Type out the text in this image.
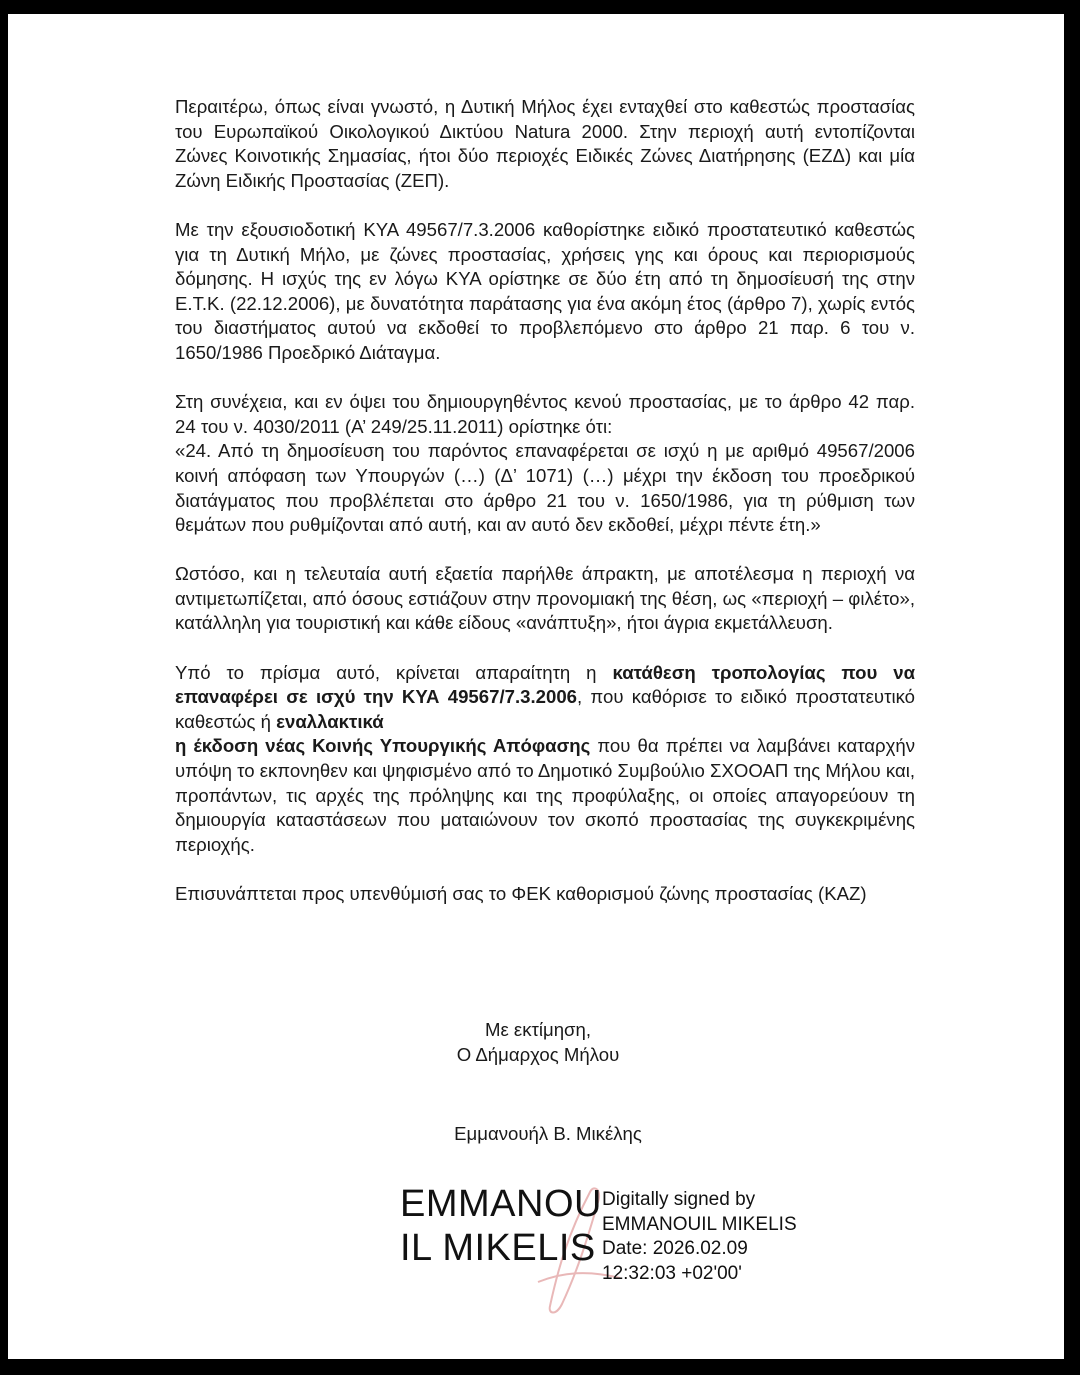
Περαιτέρω, όπως είναι γνωστό, η Δυτική Μήλος έχει ενταχθεί στο καθεστώς προστασίας του Ευρωπαϊκού Οικολογικού Δικτύου Natura 2000. Στην περιοχή αυτή εντοπίζονται Ζώνες Κοινοτικής Σημασίας, ήτοι δύο περιοχές Ειδικές Ζώνες Διατήρησης (ΕΖΔ) και μία Ζώνη Ειδικής Προστασίας (ΖΕΠ).

Με την εξουσιοδοτική ΚΥΑ 49567/7.3.2006 καθορίστηκε ειδικό προστατευτικό καθεστώς για τη Δυτική Μήλο, με ζώνες προστασίας, χρήσεις γης και όρους και περιορισμούς δόμησης. Η ισχύς της εν λόγω ΚΥΑ ορίστηκε σε δύο έτη από τη δημοσίευσή της στην Ε.Τ.Κ. (22.12.2006), με δυνατότητα παράτασης για ένα ακόμη έτος (άρθρο 7), χωρίς εντός του διαστήματος αυτού να εκδοθεί το προβλεπόμενο στο άρθρο 21 παρ. 6 του ν. 1650/1986 Προεδρικό Διάταγμα.

Στη συνέχεια, και εν όψει του δημιουργηθέντος κενού προστασίας, με το άρθρο 42 παρ. 24 του ν. 4030/2011 (Α’ 249/25.11.2011) ορίστηκε ότι:
«24. Από τη δημοσίευση του παρόντος επαναφέρεται σε ισχύ η με αριθμό 49567/2006 κοινή απόφαση των Υπουργών (…) (Δ’ 1071) (…) μέχρι την έκδοση του προεδρικού διατάγματος που προβλέπεται στο άρθρο 21 του ν. 1650/1986, για τη ρύθμιση των θεμάτων που ρυθμίζονται από αυτή, και αν αυτό δεν εκδοθεί, μέχρι πέντε έτη.»

Ωστόσο, και η τελευταία αυτή εξαετία παρήλθε άπρακτη, με αποτέλεσμα η περιοχή να αντιμετωπίζεται, από όσους εστιάζουν στην προνομιακή της θέση, ως «περιοχή – φιλέτο», κατάλληλη για τουριστική και κάθε είδους «ανάπτυξη», ήτοι άγρια εκμετάλλευση.

Υπό το πρίσμα αυτό, κρίνεται απαραίτητη η κατάθεση τροπολογίας που να επαναφέρει σε ισχύ την ΚΥΑ 49567/7.3.2006, που καθόρισε το ειδικό προστατευτικό καθεστώς ή εναλλακτικά
η έκδοση νέας Κοινής Υπουργικής Απόφασης που θα πρέπει να λαμβάνει καταρχήν υπόψη το εκπονηθεν και ψηφισμένο από το Δημοτικό Συμβούλιο ΣΧΟΟΑΠ της Μήλου και, προπάντων, τις αρχές της πρόληψης και της προφύλαξης, οι οποίες απαγορεύουν τη δημιουργία καταστάσεων που ματαιώνουν τον σκοπό προστασίας της συγκεκριμένης περιοχής.

Επισυνάπτεται προς υπενθύμισή σας το ΦΕΚ καθορισμού ζώνης προστασίας (ΚΑΖ)

Με εκτίμηση,
Ο Δήμαρχος Μήλου
Εμμανουήλ Β. Μικέλης
EMMANOU
IL MIKELIS
Digitally signed by
EMMANOUIL MIKELIS
Date: 2026.02.09
12:32:03 +02'00'
